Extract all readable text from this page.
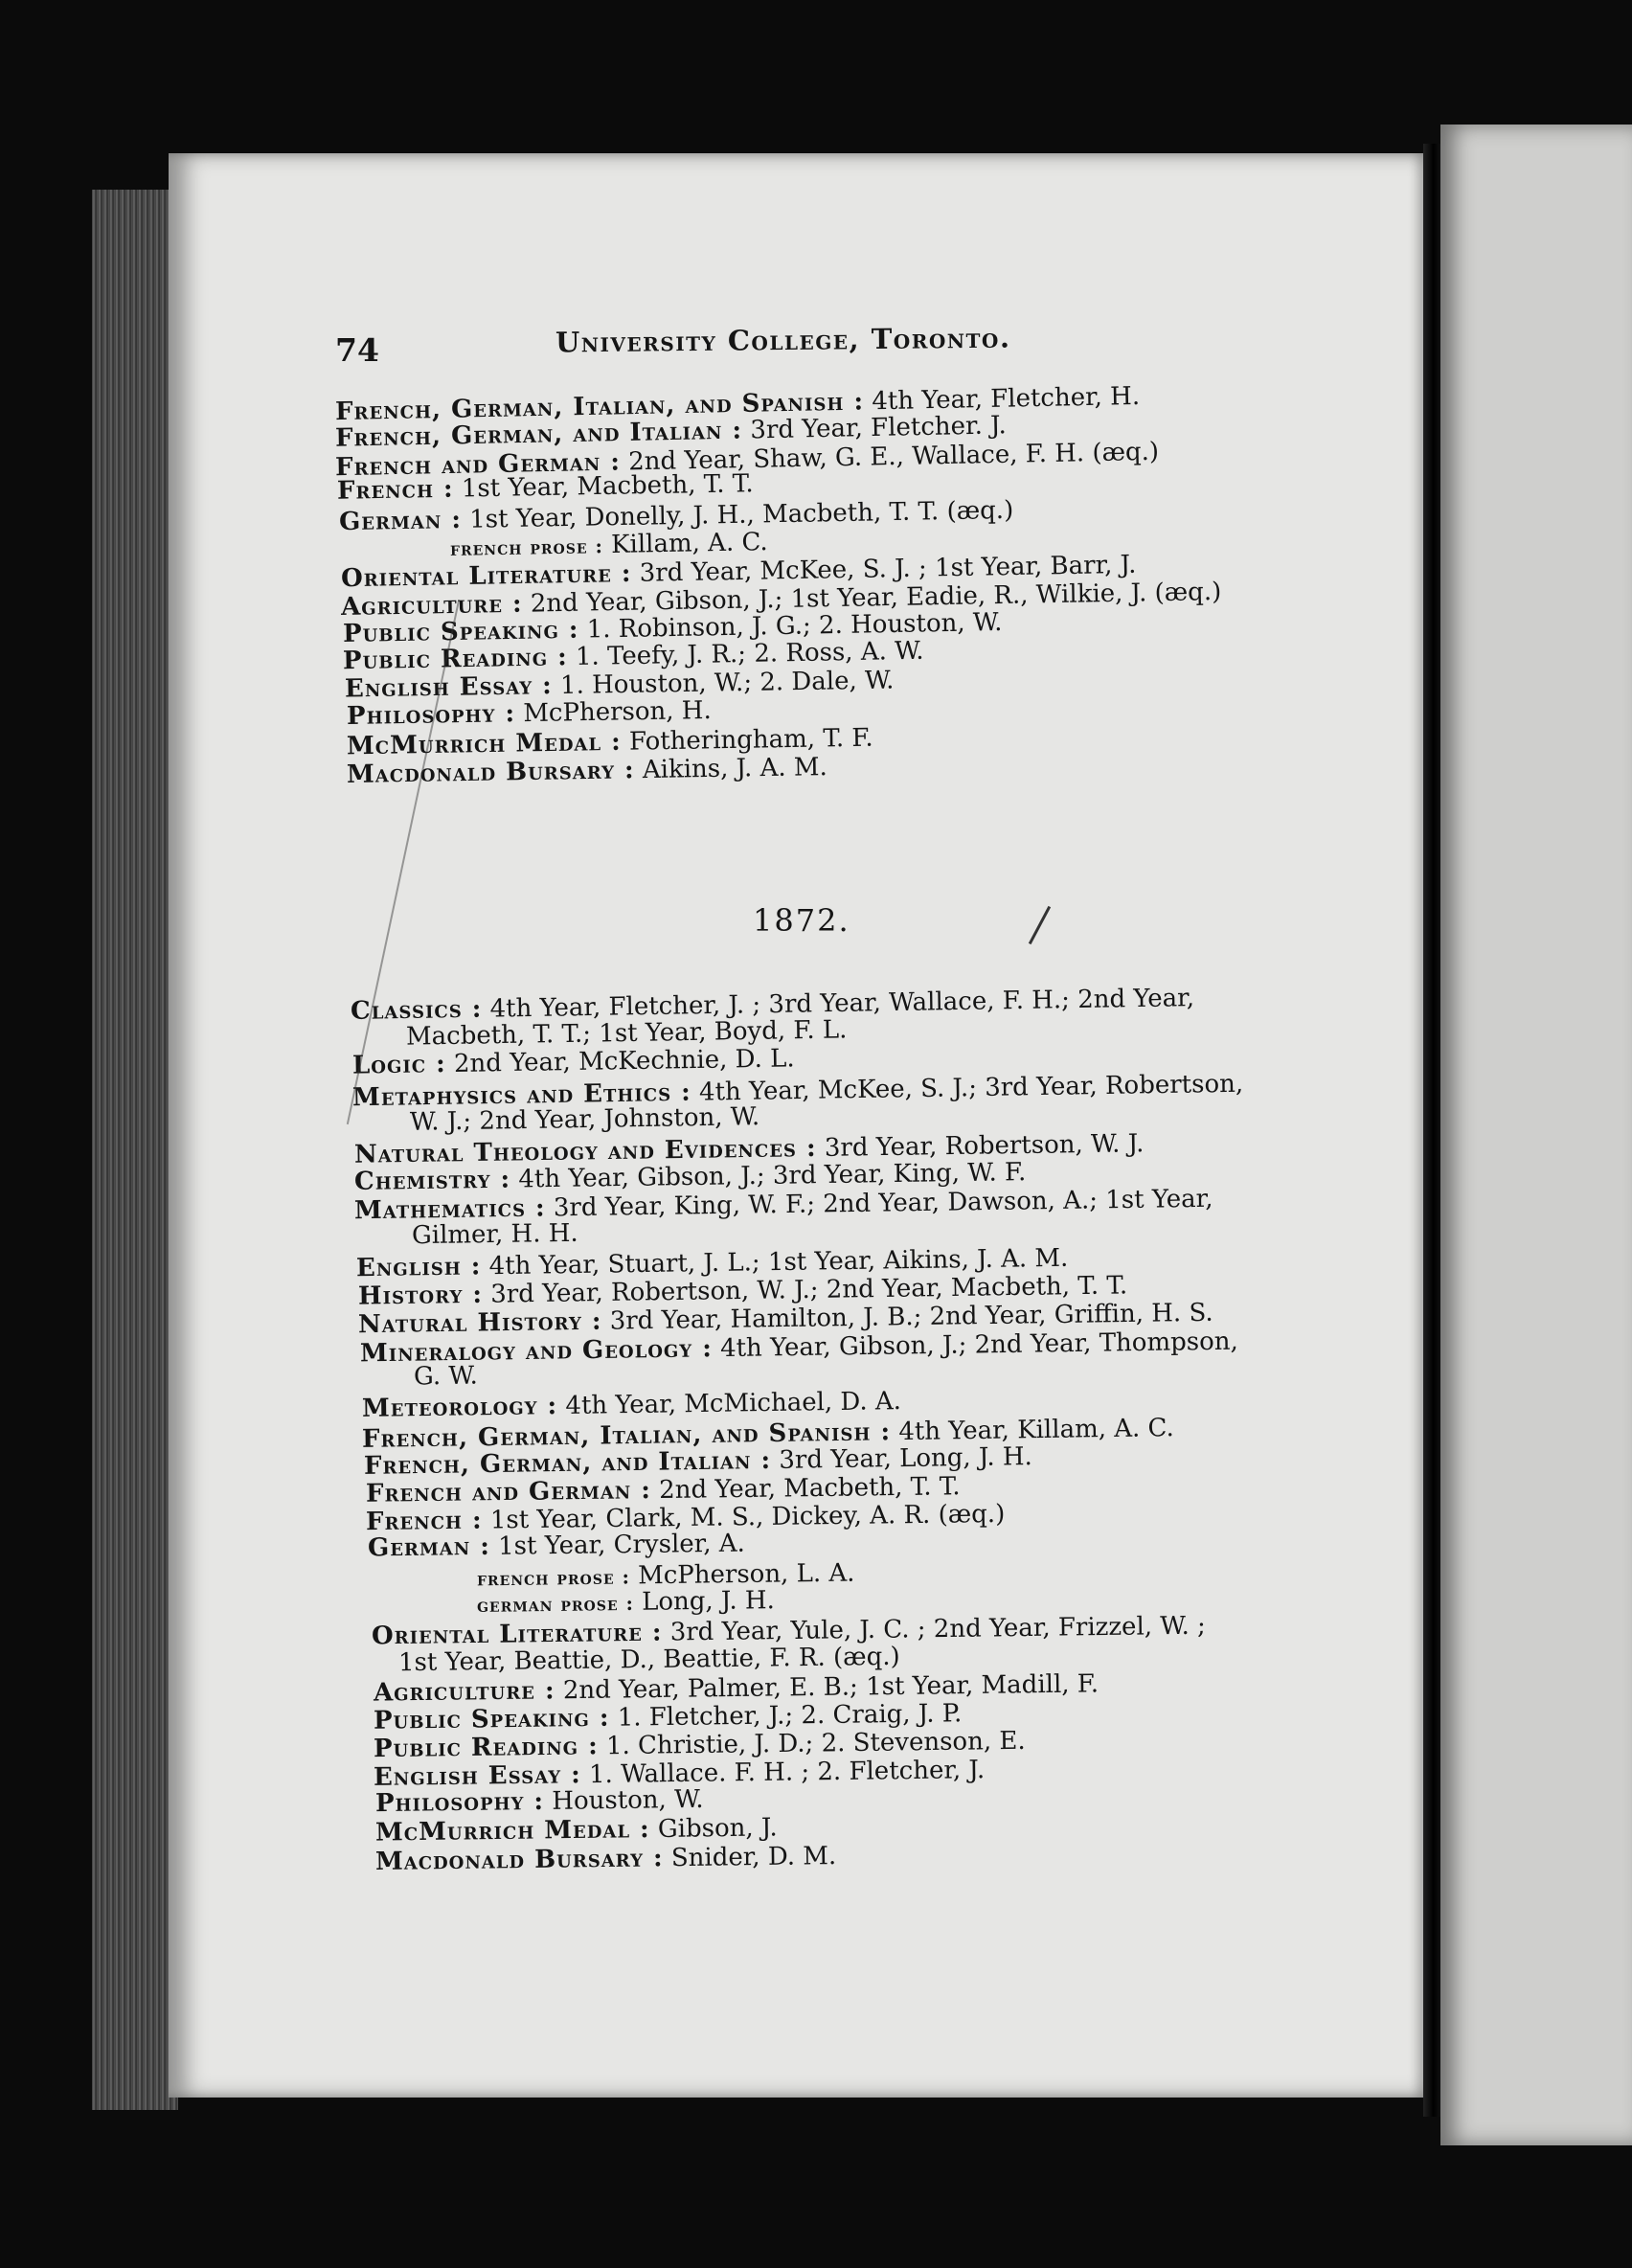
74	University College, Toronto.
French, German, Italian, and Spanish : 4th Year, Fletcher, H.
French, German, and Italian : 3rd Year, Fletcher. J.
French and German : 2nd Year, Shaw, G. E., Wallace, F. H. (æq.)
French : 1st Year, Macbeth, T. T.
German : 1st Year, Donelly, J. H., Macbeth, T. T. (æq.)
french prose : Killam, A. C.
Oriental Literature : 3rd Year, McKee, S. J. ; 1st Year, Barr, J.
Agriculture : 2nd Year, Gibson, J.; 1st Year, Eadie, R., Wilkie, J. (æq.)
Public Speaking : 1. Robinson, J. G.; 2. Houston, W.
Public Reading : 1. Teefy, J. R.; 2. Ross, A. W.
English Essay : 1. Houston, W.; 2. Dale, W.
Philosophy : McPherson, H.
McMurrich Medal : Fotheringham, T. F.
Macdonald Bursary : Aikins, J. A. M.
1872.
Classics : 4th Year, Fletcher, J. ; 3rd Year, Wallace, F. H.; 2nd Year,
Macbeth, T. T.; 1st Year, Boyd, F. L.
Logic : 2nd Year, McKechnie, D. L.
Metaphysics and Ethics : 4th Year, McKee, S. J.; 3rd Year, Robertson,
W. J.; 2nd Year, Johnston, W.
Natural Theology and Evidences : 3rd Year, Robertson, W. J.
Chemistry : 4th Year, Gibson, J.; 3rd Year, King, W. F.
Mathematics : 3rd Year, King, W. F.; 2nd Year, Dawson, A.; 1st Year,
Gilmer, H. H.
English : 4th Year, Stuart, J. L.; 1st Year, Aikins, J. A. M.
History : 3rd Year, Robertson, W. J.; 2nd Year, Macbeth, T. T.
Natural History : 3rd Year, Hamilton, J. B.; 2nd Year, Griffin, H. S.
Mineralogy and Geology : 4th Year, Gibson, J.; 2nd Year, Thompson,
G. W.
Meteorology : 4th Year, McMichael, D. A.
French, German, Italian, and Spanish : 4th Year, Killam, A. C.
French, German, and Italian : 3rd Year, Long, J. H.
French and German : 2nd Year, Macbeth, T. T.
French : 1st Year, Clark, M. S., Dickey, A. R. (æq.)
German : 1st Year, Crysler, A.
french prose : McPherson, L. A.
german prose : Long, J. H.
Oriental Literature : 3rd Year, Yule, J. C. ; 2nd Year, Frizzel, W. ;
1st Year, Beattie, D., Beattie, F. R. (æq.)
Agriculture : 2nd Year, Palmer, E. B.; 1st Year, Madill, F.
Public Speaking : 1. Fletcher, J.; 2. Craig, J. P.
Public Reading : 1. Christie, J. D.; 2. Stevenson, E.
English Essay : 1. Wallace. F. H. ; 2. Fletcher, J.
Philosophy : Houston, W.
McMurrich Medal : Gibson, J.
Macdonald Bursary : Snider, D. M.
